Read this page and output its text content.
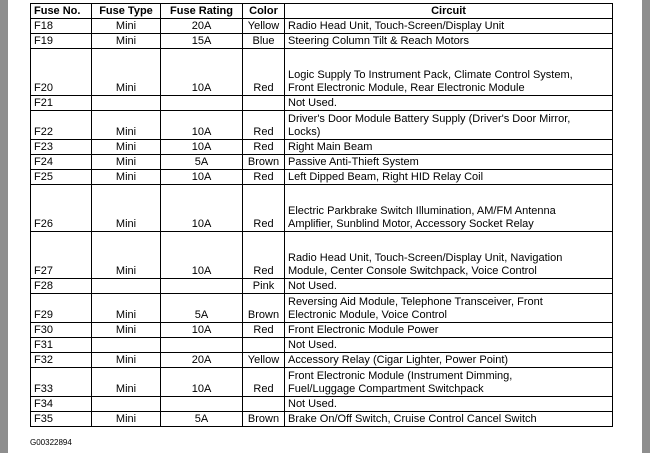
Fuse No.	Fuse Type	Fuse Rating	Color	Circuit
F18	Mini	20A	Yellow	Radio Head Unit, Touch-Screen/Display Unit

F19	Mini	15A	Blue	Steering Column Tilt & Reach Motors

F20	Mini	10A	Red	Logic Supply To Instrument Pack, Climate Control System,
Front Electronic Module, Rear Electronic Module

F21				Not Used.

F22	Mini	10A	Red	Driver's Door Module Battery Supply (Driver's Door Mirror,
Locks)

F23	Mini	10A	Red	Right Main Beam

F24	Mini	5A	Brown	Passive Anti-Thieft System

F25	Mini	10A	Red	Left Dipped Beam, Right HID Relay Coil

F26	Mini	10A	Red	Electric Parkbrake Switch Illumination, AM/FM Antenna
Amplifier, Sunblind Motor, Accessory Socket Relay

F27	Mini	10A	Red	Radio Head Unit, Touch-Screen/Display Unit, Navigation
Module, Center Console Switchpack, Voice Control

F28			Pink	Not Used.

F29	Mini	5A	Brown	Reversing Aid Module, Telephone Transceiver, Front
Electronic Module, Voice Control

F30	Mini	10A	Red	Front Electronic Module Power

F31				Not Used.

F32	Mini	20A	Yellow	Accessory Relay (Cigar Lighter, Power Point)

F33	Mini	10A	Red	Front Electronic Module (Instrument Dimming,
Fuel/Luggage Compartment Switchpack

F34				Not Used.

F35	Mini	5A	Brown	Brake On/Off Switch, Cruise Control Cancel Switch
G00322894
